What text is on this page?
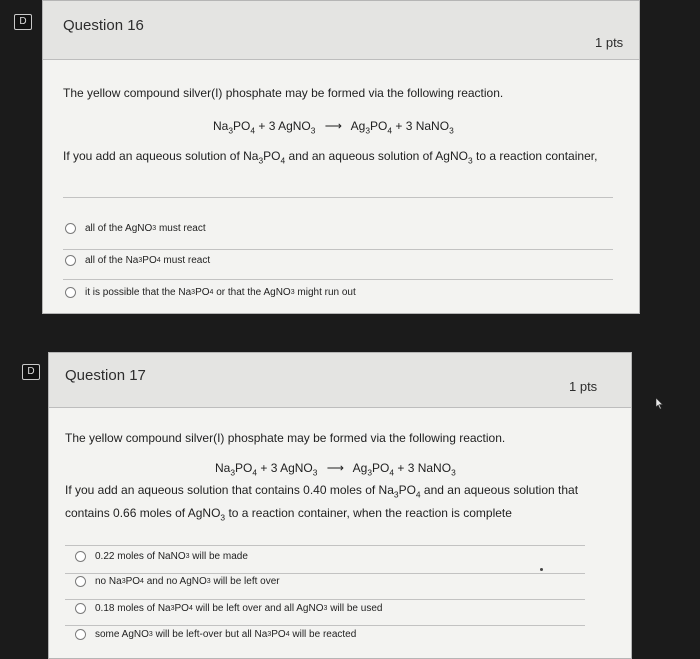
D	Question 16
1 pts
The yellow compound silver(I) phosphate may be formed via the following reaction.
$Na_3PO_4 + 3$ AgNO$_3$ ⟶ $Ag_3PO_4 + 3$ NaNO$_3$
If you add an aqueous solution of $Na_3PO_4$ and an aqueous solution of AgNO$_3$ to a reaction container,
all of the AgNO 3
must react
all of the Na 3 PO 4
must react
it is possible that the Na 3 PO 4
or that the AgNO 3
might run out
D	Question 17
1 pts
The yellow compound silver(I) phosphate may be formed via the following reaction.
$Na_3PO_4 + 3$ AgNO$_3$ ⟶ $Ag_3PO_4 + 3$ NaNO$_3$
If you add an aqueous solution that contains 0.40 moles of $Na_3PO_4$ and an aqueous solution that contains 0.66 moles of AgNO$_3$ to a reaction container, when the reaction is complete
0.22 moles of NaNO 3
will be made
no Na 3 PO 4
and no AgNO 3
will be left over
0.18 moles of Na 3 PO 4
will be left over and all AgNO 3
will be used
some AgNO 3
will be left-over but all Na 3 PO 4
will be reacted
